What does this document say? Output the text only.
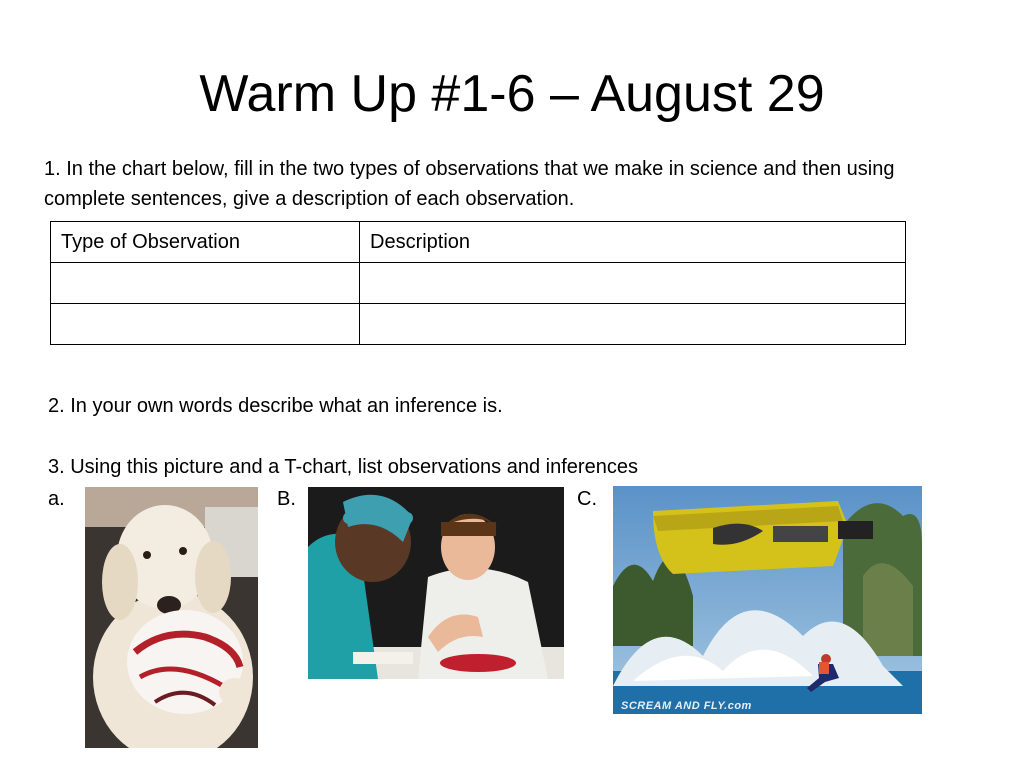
Warm Up #1-6 – August 29
1. In the chart below, fill in the two types of observations that we make in science and then using complete sentences, give a description of each observation.
Type of Observation	Description

2. In your own words describe what an inference is.
3. Using this picture and a T-chart, list observations and inferences
a.	B.	C.
SCREAM AND FLY.com
